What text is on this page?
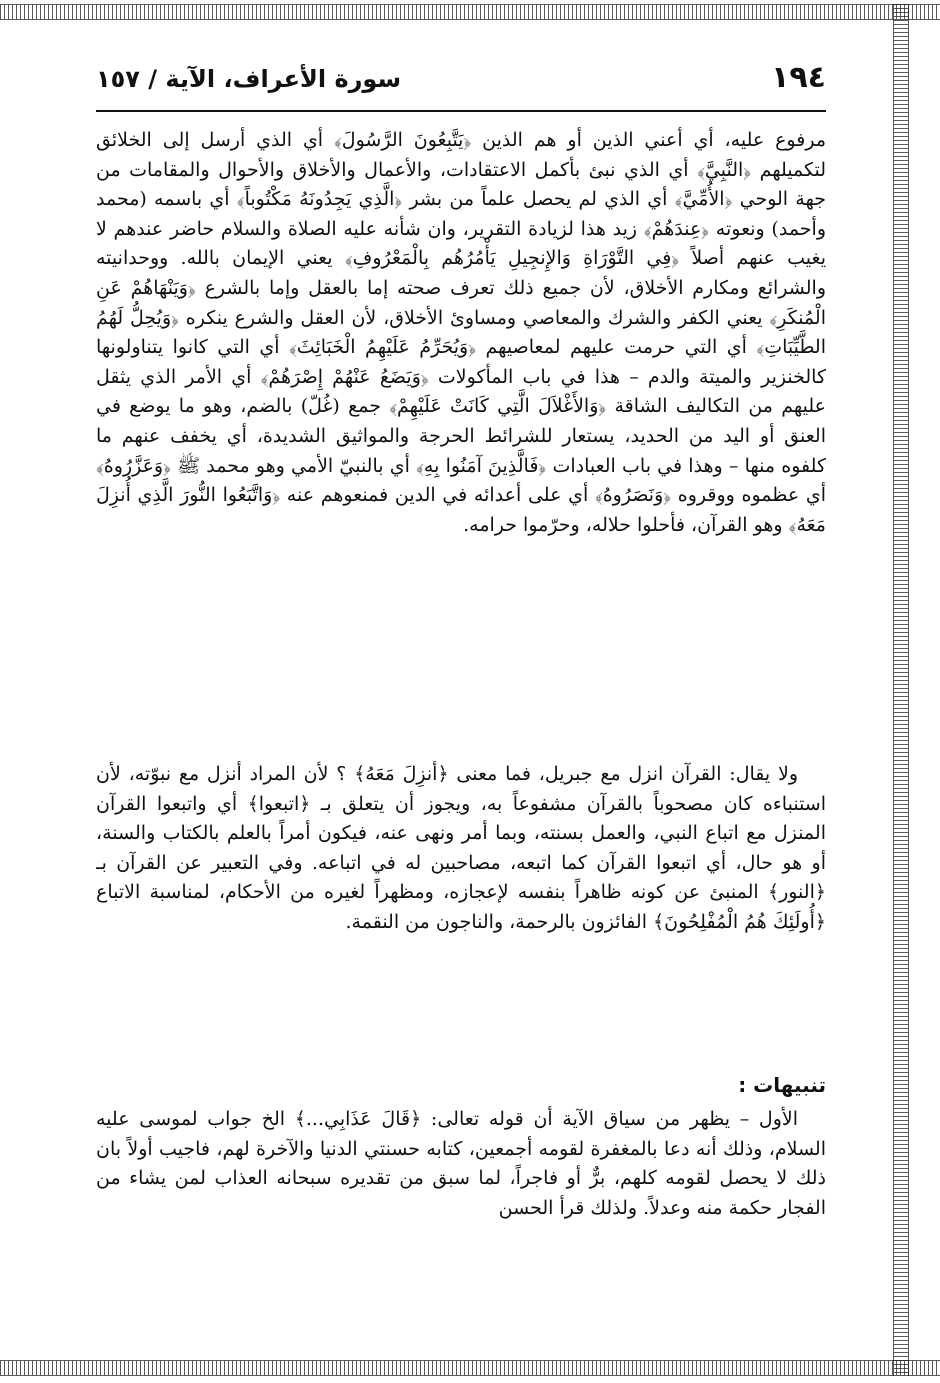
١٩٤
سورة الأعراف، الآية / ١٥٧

مرفوع عليه، أي أعني الذين أو هم الذين ﴿يَتَّبِعُونَ الرَّسُولَ﴾ أي الذي أرسل إلى الخلائق لتكميلهم ﴿النَّبِيَّ﴾ أي الذي نبئ بأكمل الاعتقادات، والأعمال والأخلاق والأحوال والمقامات من جهة الوحي ﴿الأُمِّيَّ﴾ أي الذي لم يحصل علماً من بشر ﴿الَّذِي يَجِدُونَهُ مَكْتُوباً﴾ أي باسمه (محمد وأحمد) ونعوته ﴿عِندَهُمْ﴾ زيد هذا لزيادة التقرير، وان شأنه عليه الصلاة والسلام حاضر عندهم لا يغيب عنهم أصلاً ﴿فِي التَّوْرَاةِ وَالإِنجِيلِ يَأْمُرُهُم بِالْمَعْرُوفِ﴾ يعني الإيمان بالله. ووحدانيته والشرائع ومكارم الأخلاق، لأن جميع ذلك تعرف صحته إما بالعقل وإما بالشرع ﴿وَيَنْهَاهُمْ عَنِ الْمُنكَرِ﴾ يعني الكفر والشرك والمعاصي ومساوئ الأخلاق، لأن العقل والشرع ينكره ﴿وَيُحِلُّ لَهُمُ الطَّيِّبَاتِ﴾ أي التي حرمت عليهم لمعاصيهم ﴿وَيُحَرِّمُ عَلَيْهِمُ الْخَبَائِثَ﴾ أي التي كانوا يتناولونها كالخنزير والميتة والدم – هذا في باب المأكولات ﴿وَيَضَعُ عَنْهُمْ إِصْرَهُمْ﴾ أي الأمر الذي يثقل عليهم من التكاليف الشاقة ﴿وَالأَغْلاَلَ الَّتِي كَانَتْ عَلَيْهِمْ﴾ جمع (غُلّ) بالضم، وهو ما يوضع في العنق أو اليد من الحديد، يستعار للشرائط الحرجة والمواثيق الشديدة، أي يخفف عنهم ما كلفوه منها – وهذا في باب العبادات ﴿فَالَّذِينَ آمَنُوا بِهِ﴾ أي بالنبيّ الأمي وهو محمد ﷺ ﴿وَعَزَّرُوهُ﴾ أي عظموه ووقروه ﴿وَنَصَرُوهُ﴾ أي على أعدائه في الدين فمنعوهم عنه ﴿وَاتَّبَعُوا النُّورَ الَّذِي أُنزِلَ مَعَهُ﴾ وهو القرآن، فأحلوا حلاله، وحرّموا حرامه.

ولا يقال: القرآن انزل مع جبريل، فما معنى ﴿أُنزِلَ مَعَهُ﴾ ؟ لأن المراد أنزل مع نبوّته، لأن استنباءه كان مصحوباً بالقرآن مشفوعاً به، ويجوز أن يتعلق بـ ﴿اتبعوا﴾ أي واتبعوا القرآن المنزل مع اتباع النبي، والعمل بسنته، وبما أمر ونهى عنه، فيكون أمراً بالعلم بالكتاب والسنة، أو هو حال، أي اتبعوا القرآن كما اتبعه، مصاحبين له في اتباعه. وفي التعبير عن القرآن بـ ﴿النور﴾ المنبئ عن كونه ظاهراً بنفسه لإعجازه، ومظهراً لغيره من الأحكام، لمناسبة الاتباع ﴿أُولَئِكَ هُمُ الْمُفْلِحُونَ﴾ الفائزون بالرحمة، والناجون من النقمة.

تنبيهات :

الأول – يظهر من سياق الآية أن قوله تعالى: ﴿قَالَ عَذَابِي...﴾ الخ جواب لموسى عليه السلام، وذلك أنه دعا بالمغفرة لقومه أجمعين، كتابه حسنتي الدنيا والآخرة لهم، فاجيب أولاً بان ذلك لا يحصل لقومه كلهم، برٌّ أو فاجراً، لما سبق من تقديره سبحانه العذاب لمن يشاء من الفجار حكمة منه وعدلاً. ولذلك قرأ الحسن
